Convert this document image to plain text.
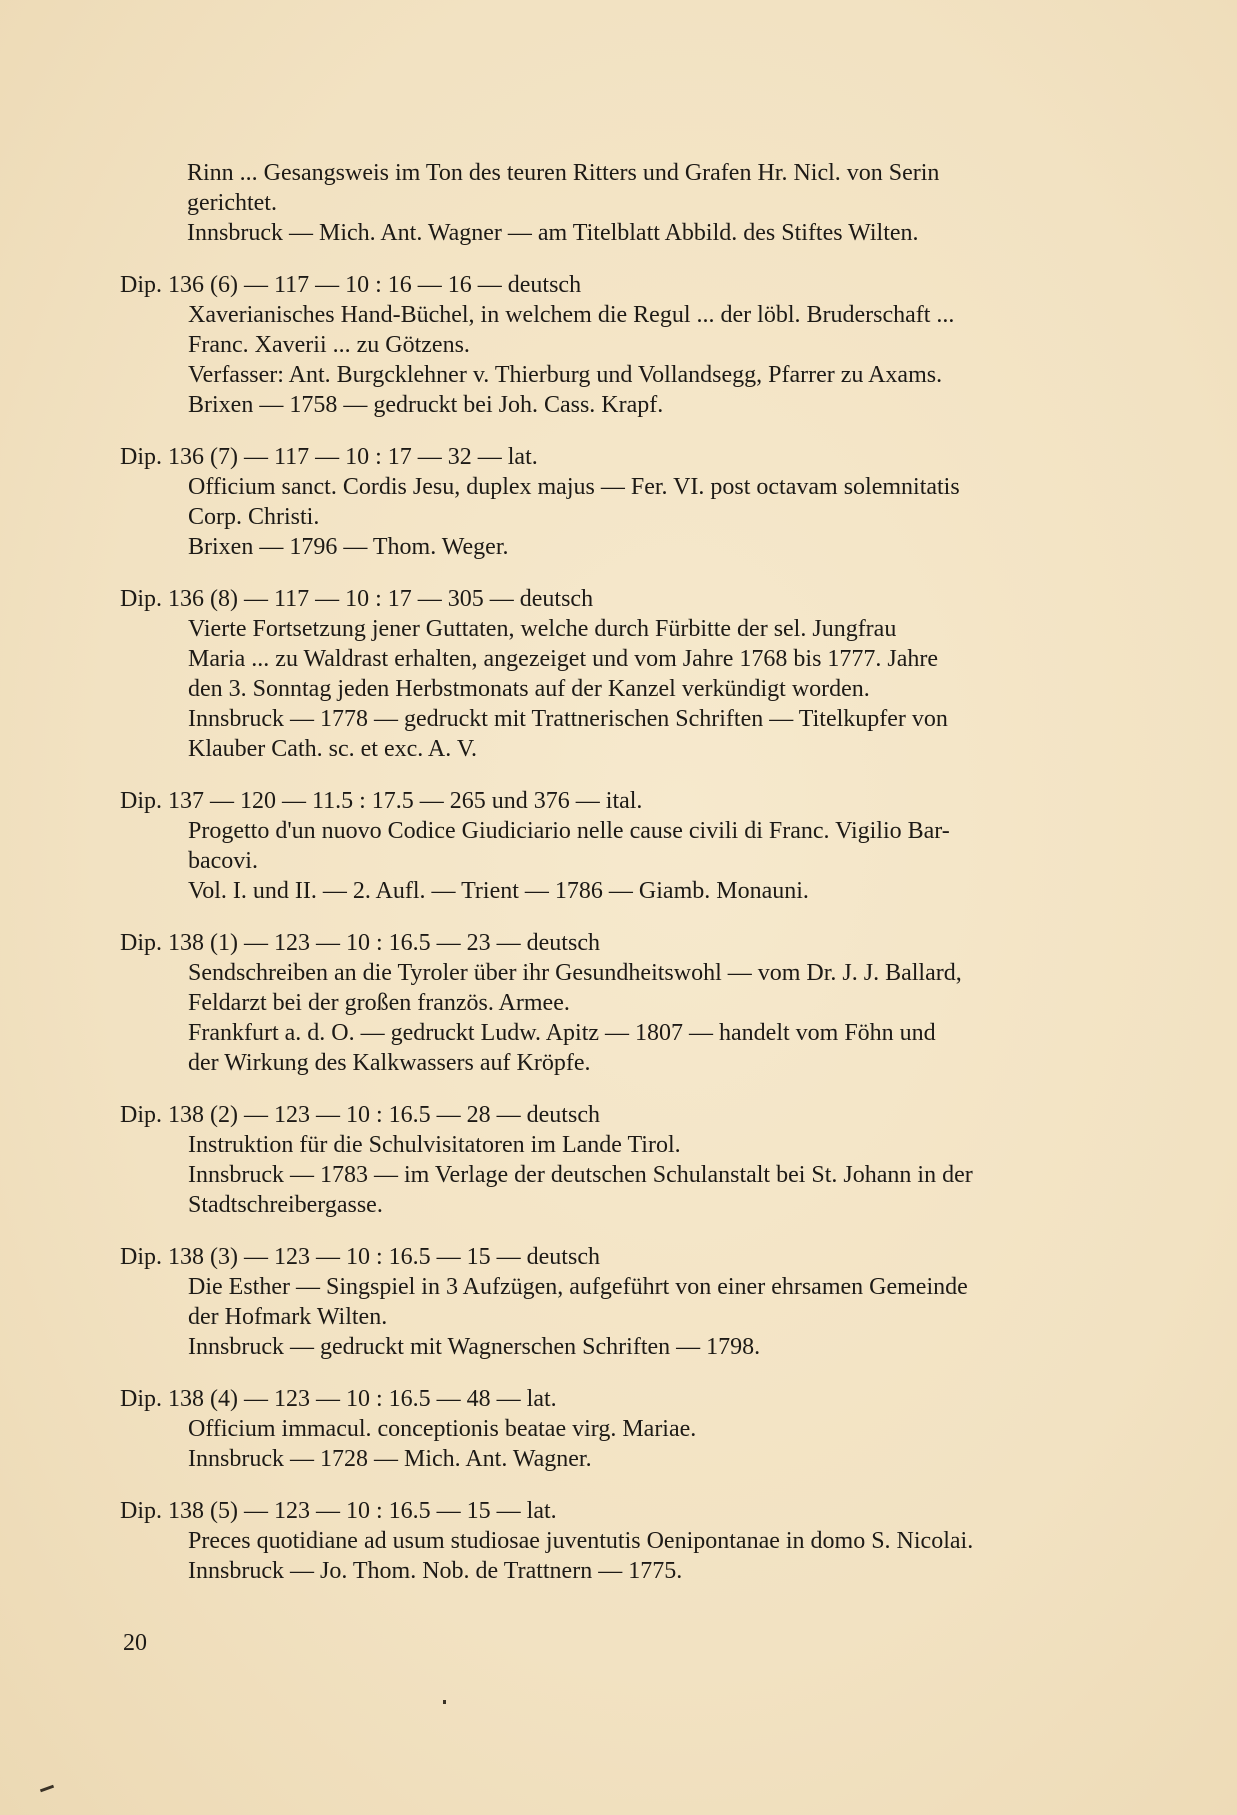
Rinn ... Gesangsweis im Ton des teuren Ritters und Grafen Hr. Nicl. von Serin
gerichtet.
Innsbruck — Mich. Ant. Wagner — am Titelblatt Abbild. des Stiftes Wilten.
Dip. 136 (6) — 117 — 10 : 16 — 16 — deutsch
Xaverianisches Hand-Büchel, in welchem die Regul ... der löbl. Bruderschaft ...
Franc. Xaverii ... zu Götzens.
Verfasser: Ant. Burgcklehner v. Thierburg und Vollandsegg, Pfarrer zu Axams.
Brixen — 1758 — gedruckt bei Joh. Cass. Krapf.
Dip. 136 (7) — 117 — 10 : 17 — 32 — lat.
Officium sanct. Cordis Jesu, duplex majus — Fer. VI. post octavam solemnitatis
Corp. Christi.
Brixen — 1796 — Thom. Weger.
Dip. 136 (8) — 117 — 10 : 17 — 305 — deutsch
Vierte Fortsetzung jener Guttaten, welche durch Fürbitte der sel. Jungfrau
Maria ... zu Waldrast erhalten, angezeiget und vom Jahre 1768 bis 1777. Jahre
den 3. Sonntag jeden Herbstmonats auf der Kanzel verkündigt worden.
Innsbruck — 1778 — gedruckt mit Trattnerischen Schriften — Titelkupfer von
Klauber Cath. sc. et exc. A. V.
Dip. 137 — 120 — 11.5 : 17.5 — 265 und 376 — ital.
Progetto d'un nuovo Codice Giudiciario nelle cause civili di Franc. Vigilio Bar-
bacovi.
Vol. I. und II. — 2. Aufl. — Trient — 1786 — Giamb. Monauni.
Dip. 138 (1) — 123 — 10 : 16.5 — 23 — deutsch
Sendschreiben an die Tyroler über ihr Gesundheitswohl — vom Dr. J. J. Ballard,
Feldarzt bei der großen französ. Armee.
Frankfurt a. d. O. — gedruckt Ludw. Apitz — 1807 — handelt vom Föhn und
der Wirkung des Kalkwassers auf Kröpfe.
Dip. 138 (2) — 123 — 10 : 16.5 — 28 — deutsch
Instruktion für die Schulvisitatoren im Lande Tirol.
Innsbruck — 1783 — im Verlage der deutschen Schulanstalt bei St. Johann in der
Stadtschreibergasse.
Dip. 138 (3) — 123 — 10 : 16.5 — 15 — deutsch
Die Esther — Singspiel in 3 Aufzügen, aufgeführt von einer ehrsamen Gemeinde
der Hofmark Wilten.
Innsbruck — gedruckt mit Wagnerschen Schriften — 1798.
Dip. 138 (4) — 123 — 10 : 16.5 — 48 — lat.
Officium immacul. conceptionis beatae virg. Mariae.
Innsbruck — 1728 — Mich. Ant. Wagner.
Dip. 138 (5) — 123 — 10 : 16.5 — 15 — lat.
Preces quotidiane ad usum studiosae juventutis Oenipontanae in domo S. Nicolai.
Innsbruck — Jo. Thom. Nob. de Trattnern — 1775.
20
